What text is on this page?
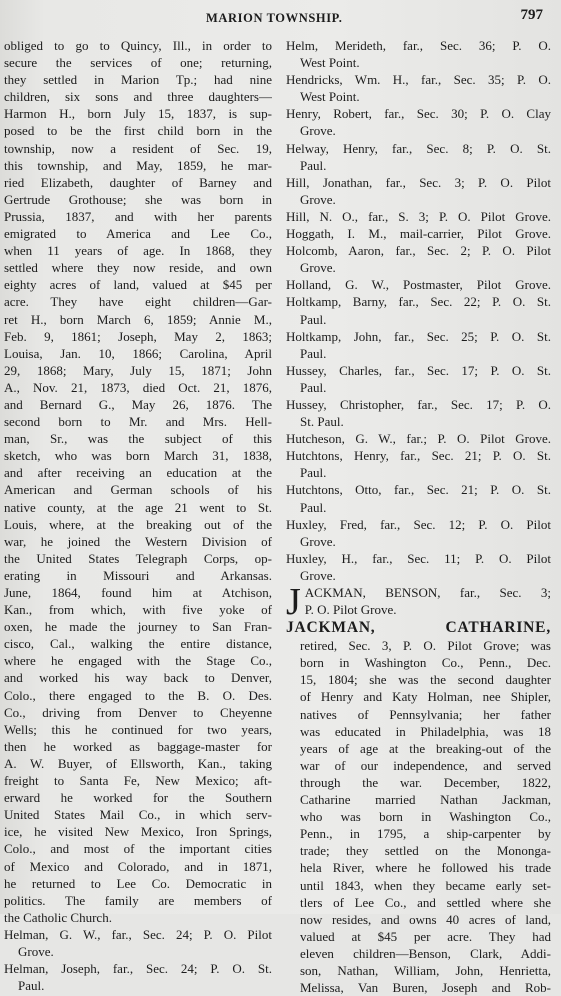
MARION TOWNSHIP.	797
obliged to go to Quincy, Ill., in order to
secure the services of one; returning,
they settled in Marion Tp.; had nine
children, six sons and three daughters—
Harmon H., born July 15, 1837, is sup-
posed to be the first child born in the
township, now a resident of Sec. 19,
this township, and May, 1859, he mar-
ried Elizabeth, daughter of Barney and
Gertrude Grothouse; she was born in
Prussia, 1837, and with her parents
emigrated to America and Lee Co.,
when 11 years of age. In 1868, they
settled where they now reside, and own
eighty acres of land, valued at $45 per
acre. They have eight children—Gar-
ret H., born March 6, 1859; Annie M.,
Feb. 9, 1861; Joseph, May 2, 1863;
Louisa, Jan. 10, 1866; Carolina, April
29, 1868; Mary, July 15, 1871; John
A., Nov. 21, 1873, died Oct. 21, 1876,
and Bernard G., May 26, 1876. The
second born to Mr. and Mrs. Hell-
man, Sr., was the subject of this
sketch, who was born March 31, 1838,
and after receiving an education at the
American and German schools of his
native county, at the age 21 went to St.
Louis, where, at the breaking out of the
war, he joined the Western Division of
the United States Telegraph Corps, op-
erating in Missouri and Arkansas.
June, 1864, found him at Atchison,
Kan., from which, with five yoke of
oxen, he made the journey to San Fran-
cisco, Cal., walking the entire distance,
where he engaged with the Stage Co.,
and worked his way back to Denver,
Colo., there engaged to the B. O. Des.
Co., driving from Denver to Cheyenne
Wells; this he continued for two years,
then he worked as baggage-master for
A. W. Buyer, of Ellsworth, Kan., taking
freight to Santa Fe, New Mexico; aft-
erward he worked for the Southern
United States Mail Co., in which serv-
ice, he visited New Mexico, Iron Springs,
Colo., and most of the important cities
of Mexico and Colorado, and in 1871,
he returned to Lee Co. Democratic in
politics. The family are members of
the Catholic Church.
Helman, G. W., far., Sec. 24; P. O. Pilot
Grove.
Helman, Joseph, far., Sec. 24; P. O. St.
Paul.
Helm, Merideth, far., Sec. 36; P. O.
West Point.
Hendricks, Wm. H., far., Sec. 35; P. O.
West Point.
Henry, Robert, far., Sec. 30; P. O. Clay
Grove.
Helway, Henry, far., Sec. 8; P. O. St.
Paul.
Hill, Jonathan, far., Sec. 3; P. O. Pilot
Grove.
Hill, N. O., far., S. 3; P. O. Pilot Grove.
Hoggath, I. M., mail-carrier, Pilot Grove.
Holcomb, Aaron, far., Sec. 2; P. O. Pilot
Grove.
Holland, G. W., Postmaster, Pilot Grove.
Holtkamp, Barny, far., Sec. 22; P. O. St.
Paul.
Holtkamp, John, far., Sec. 25; P. O. St.
Paul.
Hussey, Charles, far., Sec. 17; P. O. St.
Paul.
Hussey, Christopher, far., Sec. 17; P. O.
St. Paul.
Hutcheson, G. W., far.; P. O. Pilot Grove.
Hutchtons, Henry, far., Sec. 21; P. O. St.
Paul.
Hutchtons, Otto, far., Sec. 21; P. O. St.
Paul.
Huxley, Fred, far., Sec. 12; P. O. Pilot
Grove.
Huxley, H., far., Sec. 11; P. O. Pilot
Grove.
J ACKMAN, BENSON, far., Sec. 3;
P. O. Pilot Grove.
JACKMAN, CATHARINE,
retired, Sec. 3, P. O. Pilot Grove; was
born in Washington Co., Penn., Dec.
15, 1804; she was the second daughter
of Henry and Katy Holman, nee Shipler,
natives of Pennsylvania; her father
was educated in Philadelphia, was 18
years of age at the breaking-out of the
war of our independence, and served
through the war. December, 1822,
Catharine married Nathan Jackman,
who was born in Washington Co.,
Penn., in 1795, a ship-carpenter by
trade; they settled on the Mononga-
hela River, where he followed his trade
until 1843, when they became early set-
tlers of Lee Co., and settled where she
now resides, and owns 40 acres of land,
valued at $45 per acre. They had
eleven children—Benson, Clark, Addi-
son, Nathan, William, John, Henrietta,
Melissa, Van Buren, Joseph and Rob-
